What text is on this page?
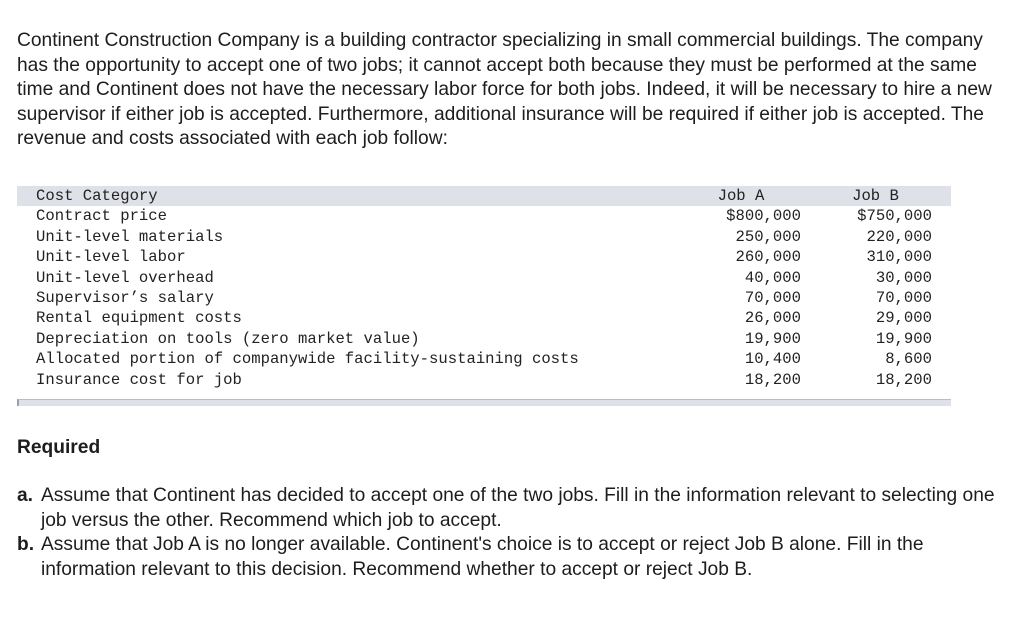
Continent Construction Company is a building contractor specializing in small commercial buildings. The company has the opportunity to accept one of two jobs; it cannot accept both because they must be performed at the same time and Continent does not have the necessary labor force for both jobs. Indeed, it will be necessary to hire a new supervisor if either job is accepted. Furthermore, additional insurance will be required if either job is accepted. The revenue and costs associated with each job follow:

Cost Category	Job A	Job B
Contract price	$800,000	$750,000
Unit-level materials	250,000	220,000
Unit-level labor	260,000	310,000
Unit-level overhead	40,000	30,000
Supervisor’s salary	70,000	70,000
Rental equipment costs	26,000	29,000
Depreciation on tools (zero market value)	19,900	19,900
Allocated portion of companywide facility-sustaining costs	10,400	8,600
Insurance cost for job	18,200	18,200
Required
a. Assume that Continent has decided to accept one of the two jobs. Fill in the information relevant to selecting one job versus the other. Recommend which job to accept.
b. Assume that Job A is no longer available. Continent's choice is to accept or reject Job B alone. Fill in the information relevant to this decision. Recommend whether to accept or reject Job B.
